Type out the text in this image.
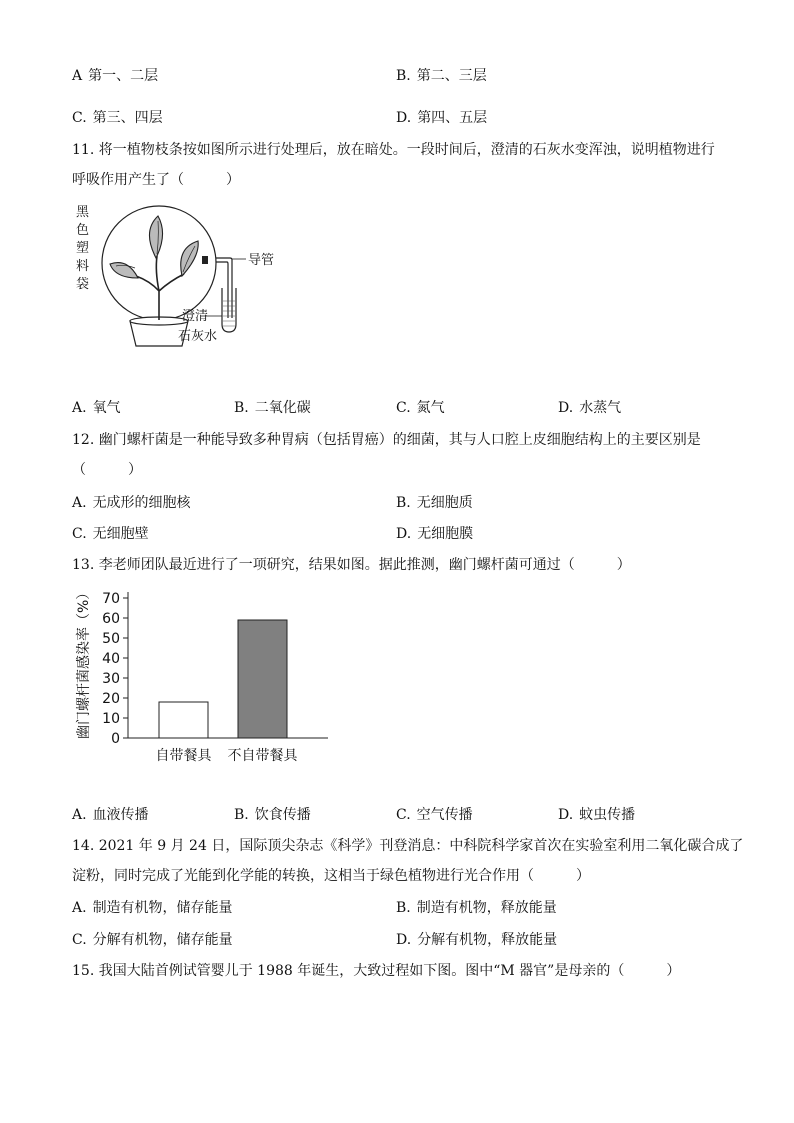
A 第一、二层	B. 第二、三层
C. 第三、四层	D. 第四、五层
11. 将一植物枝条按如图所示进行处理后，放在暗处。一段时间后，澄清的石灰水变浑浊，说明植物进行
呼吸作用产生了（　　　）
黑
色
塑
料
袋
导管
澄清
石灰水
A. 氧气	B. 二氧化碳	C. 氮气	D. 水蒸气
12. 幽门螺杆菌是一种能导致多种胃病（包括胃癌）的细菌，其与人口腔上皮细胞结构上的主要区别是
（　　　）
A. 无成形的细胞核	B. 无细胞质
C. 无细胞壁	D. 无细胞膜
13. 李老师团队最近进行了一项研究，结果如图。据此推测，幽门螺杆菌可通过（　　　）
幽门螺杆菌感染率（%） 0
10
20
30
40
50
60
70
自带餐具 不自带餐具
A. 血液传播	B. 饮食传播	C. 空气传播	D. 蚊虫传播
14. 2021 年 9 月 24 日，国际顶尖杂志《科学》刊登消息：中科院科学家首次在实验室利用二氧化碳合成了
淀粉，同时完成了光能到化学能的转换，这相当于绿色植物进行光合作用（　　　）
A. 制造有机物，储存能量	B. 制造有机物，释放能量
C. 分解有机物，储存能量	D. 分解有机物，释放能量
15. 我国大陆首例试管婴儿于 1988 年诞生，大致过程如下图。图中“M 器官”是母亲的（　　　）
